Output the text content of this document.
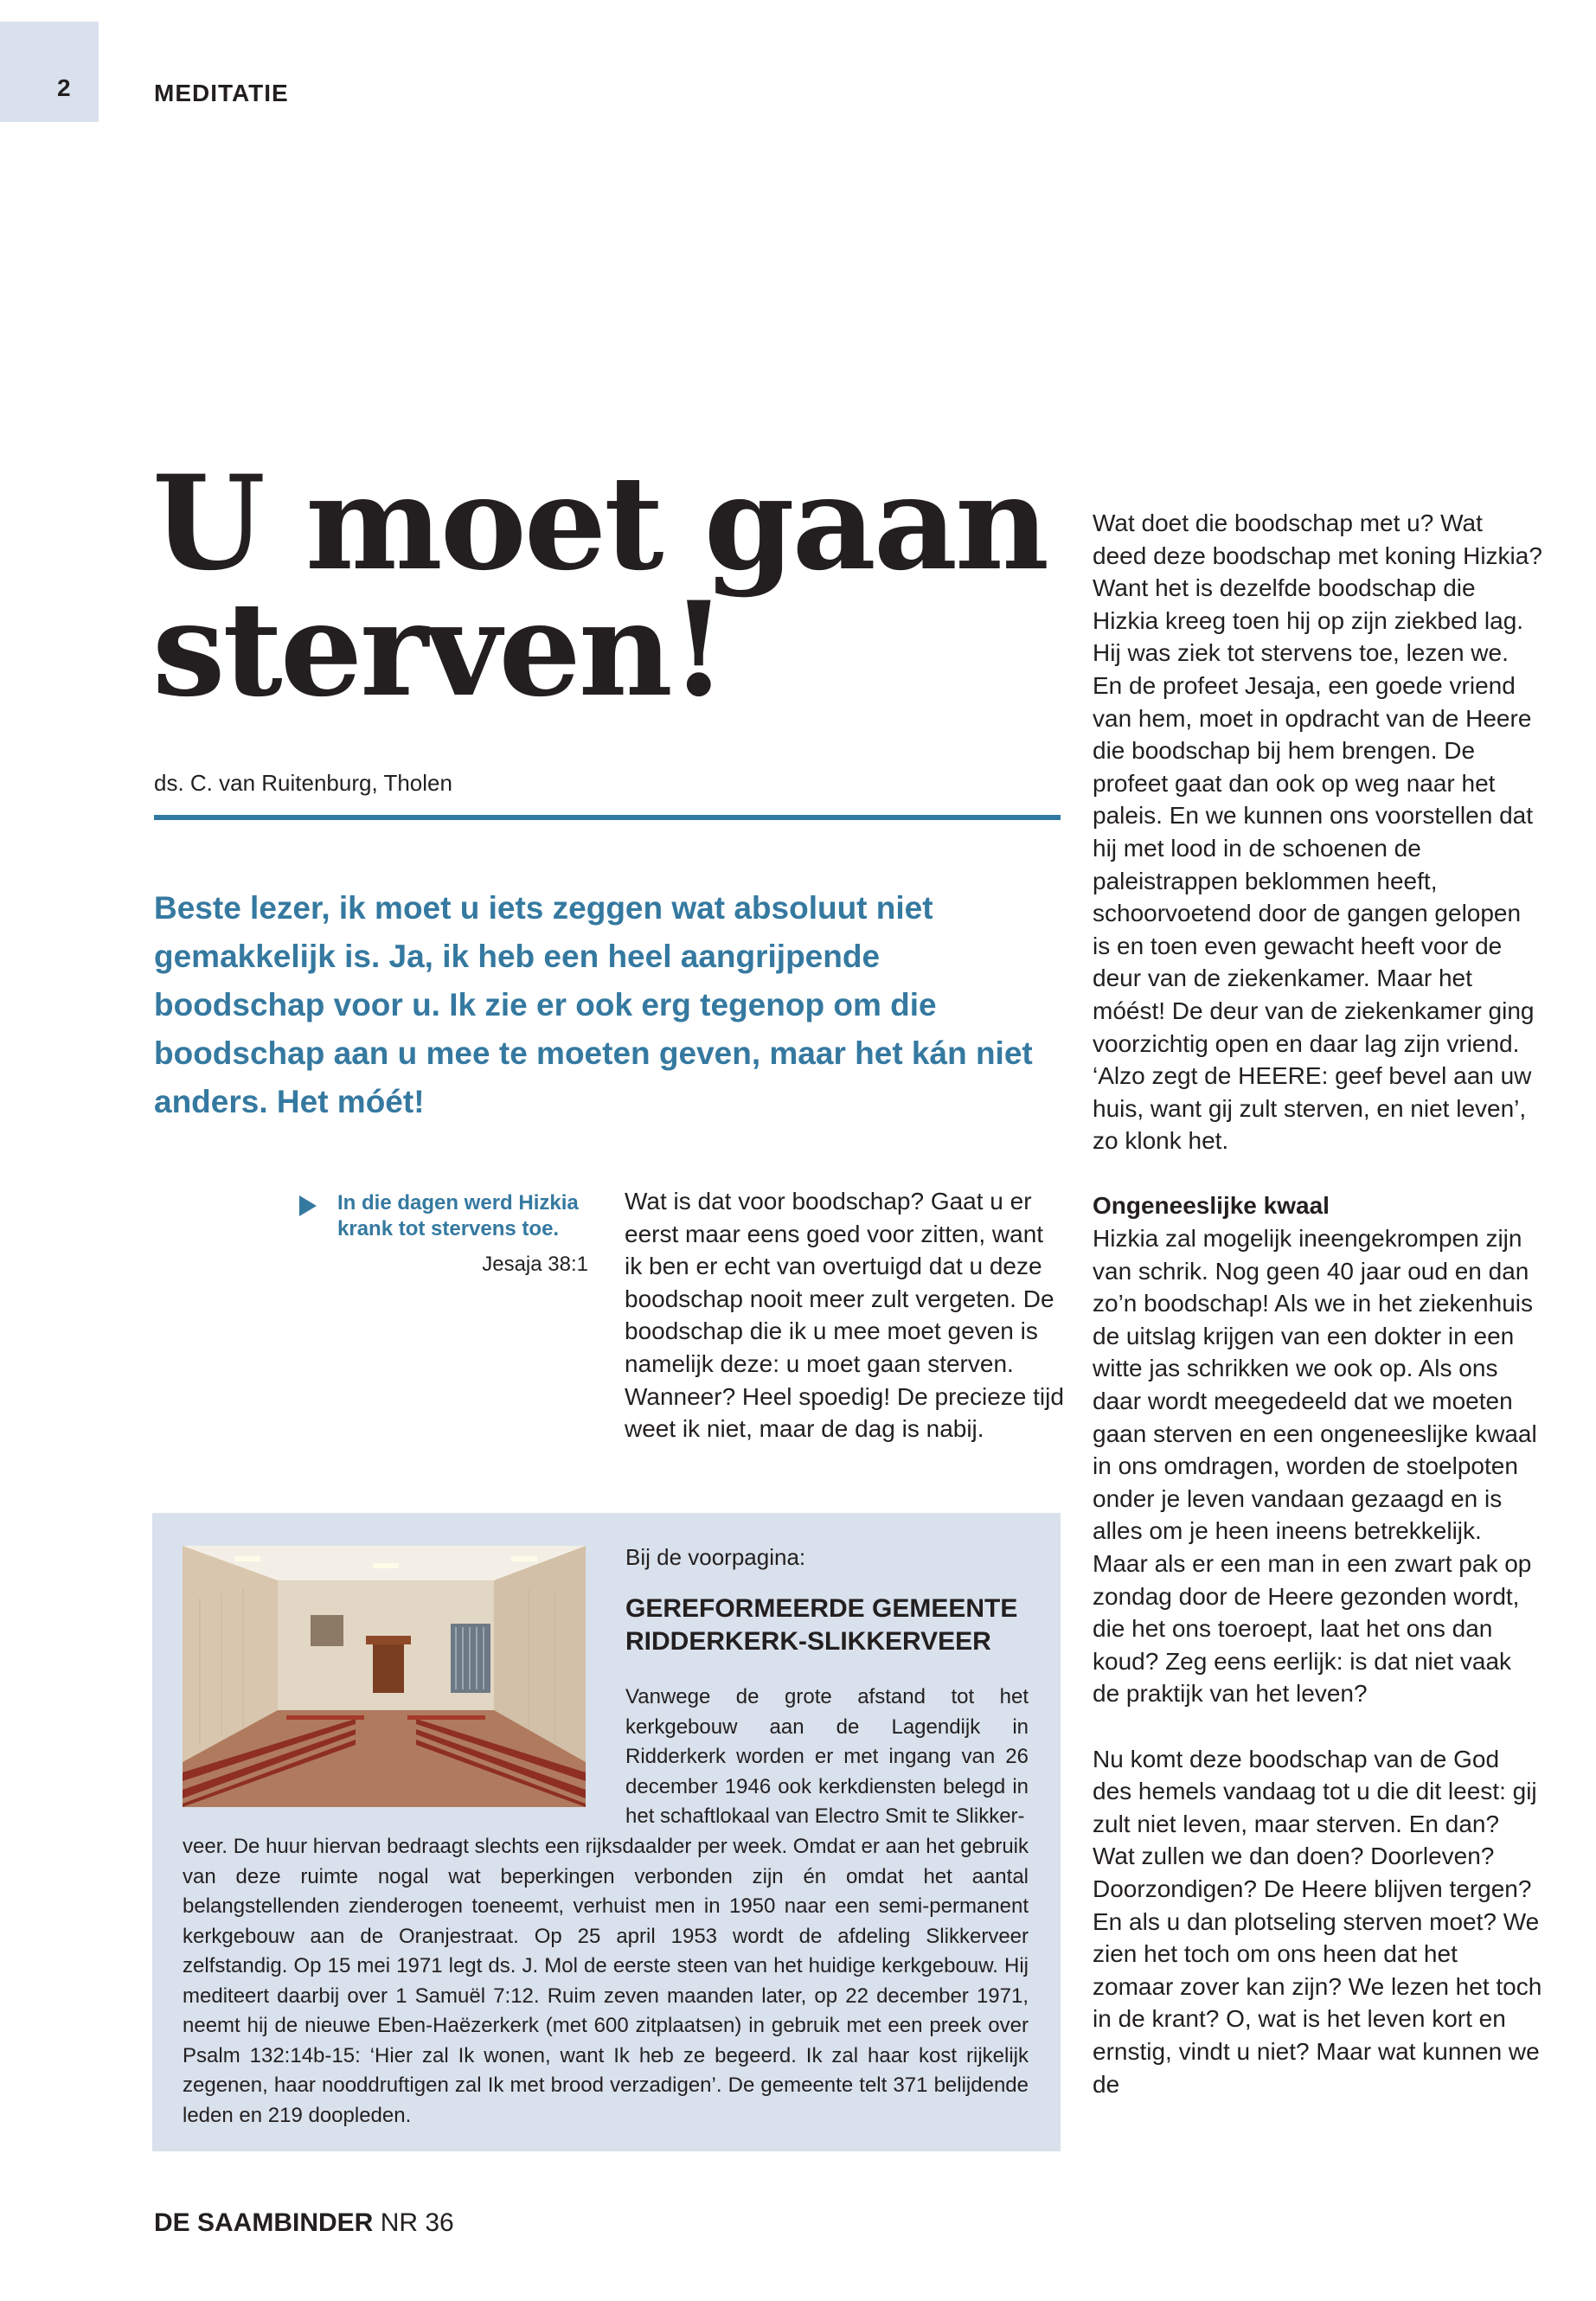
2	MEDITATIE
U moet gaan sterven!
ds. C. van Ruitenburg, Tholen

Beste lezer, ik moet u iets zeggen wat absoluut niet gemakkelijk is. Ja, ik heb een heel aangrijpende boodschap voor u. Ik zie er ook erg tegenop om die boodschap aan u mee te moeten geven, maar het kán niet anders. Het móét!

In die dagen werd Hizkia krank tot stervens toe.
Jesaja 38:1

Wat is dat voor boodschap? Gaat u er eerst maar eens goed voor zitten, want ik ben er echt van overtuigd dat u deze boodschap nooit meer zult vergeten. De boodschap die ik u mee moet geven is namelijk deze: u moet gaan sterven. Wanneer? Heel spoedig! De precieze tijd weet ik niet, maar de dag is nabij.

Wat doet die boodschap met u? Wat deed deze boodschap met koning Hizkia? Want het is dezelfde boodschap die Hizkia kreeg toen hij op zijn ziekbed lag. Hij was ziek tot stervens toe, lezen we. En de profeet Jesaja, een goede vriend van hem, moet in opdracht van de Heere die boodschap bij hem brengen. De profeet gaat dan ook op weg naar het paleis. En we kunnen ons voorstellen dat hij met lood in de schoenen de paleistrappen beklommen heeft, schoorvoetend door de gangen gelopen is en toen even gewacht heeft voor de deur van de ziekenkamer. Maar het móést! De deur van de ziekenkamer ging voorzichtig open en daar lag zijn vriend. ‘Alzo zegt de HEERE: geef bevel aan uw huis, want gij zult sterven, en niet leven’, zo klonk het.

Ongeneeslijke kwaal

Hizkia zal mogelijk ineengekrompen zijn van schrik. Nog geen 40 jaar oud en dan zo’n boodschap! Als we in het ziekenhuis de uitslag krijgen van een dokter in een witte jas schrikken we ook op. Als ons daar wordt meegedeeld dat we moeten gaan sterven en een ongeneeslijke kwaal in ons omdragen, worden de stoelpoten onder je leven vandaan gezaagd en is alles om je heen ineens betrekkelijk. Maar als er een man in een zwart pak op zondag door de Heere gezonden wordt, die het ons toeroept, laat het ons dan koud? Zeg eens eerlijk: is dat niet vaak de praktijk van het leven?

Nu komt deze boodschap van de God des hemels vandaag tot u die dit leest: gij zult niet leven, maar sterven. En dan? Wat zullen we dan doen? Doorleven? Doorzondigen? De Heere blijven tergen? En als u dan plotseling sterven moet? We zien het toch om ons heen dat het zomaar zover kan zijn? We lezen het toch in de krant? O, wat is het leven kort en ernstig, vindt u niet? Maar wat kunnen we de

Bij de voorpagina:
GEREFORMEERDE GEMEENTE RIDDERKERK-SLIKKERVEER
Vanwege de grote afstand tot het kerkgebouw aan de Lagendijk in Ridderkerk worden er met ingang van 26 december 1946 ook kerkdiensten belegd in het schaftlokaal van Electro Smit te Slikker-
veer. De huur hiervan bedraagt slechts een rijksdaalder per week. Omdat er aan het gebruik van deze ruimte nogal wat beperkingen verbonden zijn én omdat het aantal belangstellenden zienderogen toeneemt, verhuist men in 1950 naar een semi-permanent kerkgebouw aan de Oranjestraat. Op 25 april 1953 wordt de afdeling Slikkerveer zelfstandig. Op 15 mei 1971 legt ds. J. Mol de eerste steen van het huidige kerkgebouw. Hij mediteert daarbij over 1 Samuël 7:12. Ruim zeven maanden later, op 22 december 1971, neemt hij de nieuwe Eben-Haëzerkerk (met 600 zitplaatsen) in gebruik met een preek over Psalm 132:14b-15: ‘Hier zal Ik wonen, want Ik heb ze begeerd. Ik zal haar kost rijkelijk zegenen, haar nooddruftigen zal Ik met brood verzadigen’. De gemeente telt 371 belijdende leden en 219 doopleden.
DE SAAMBINDER NR 36
